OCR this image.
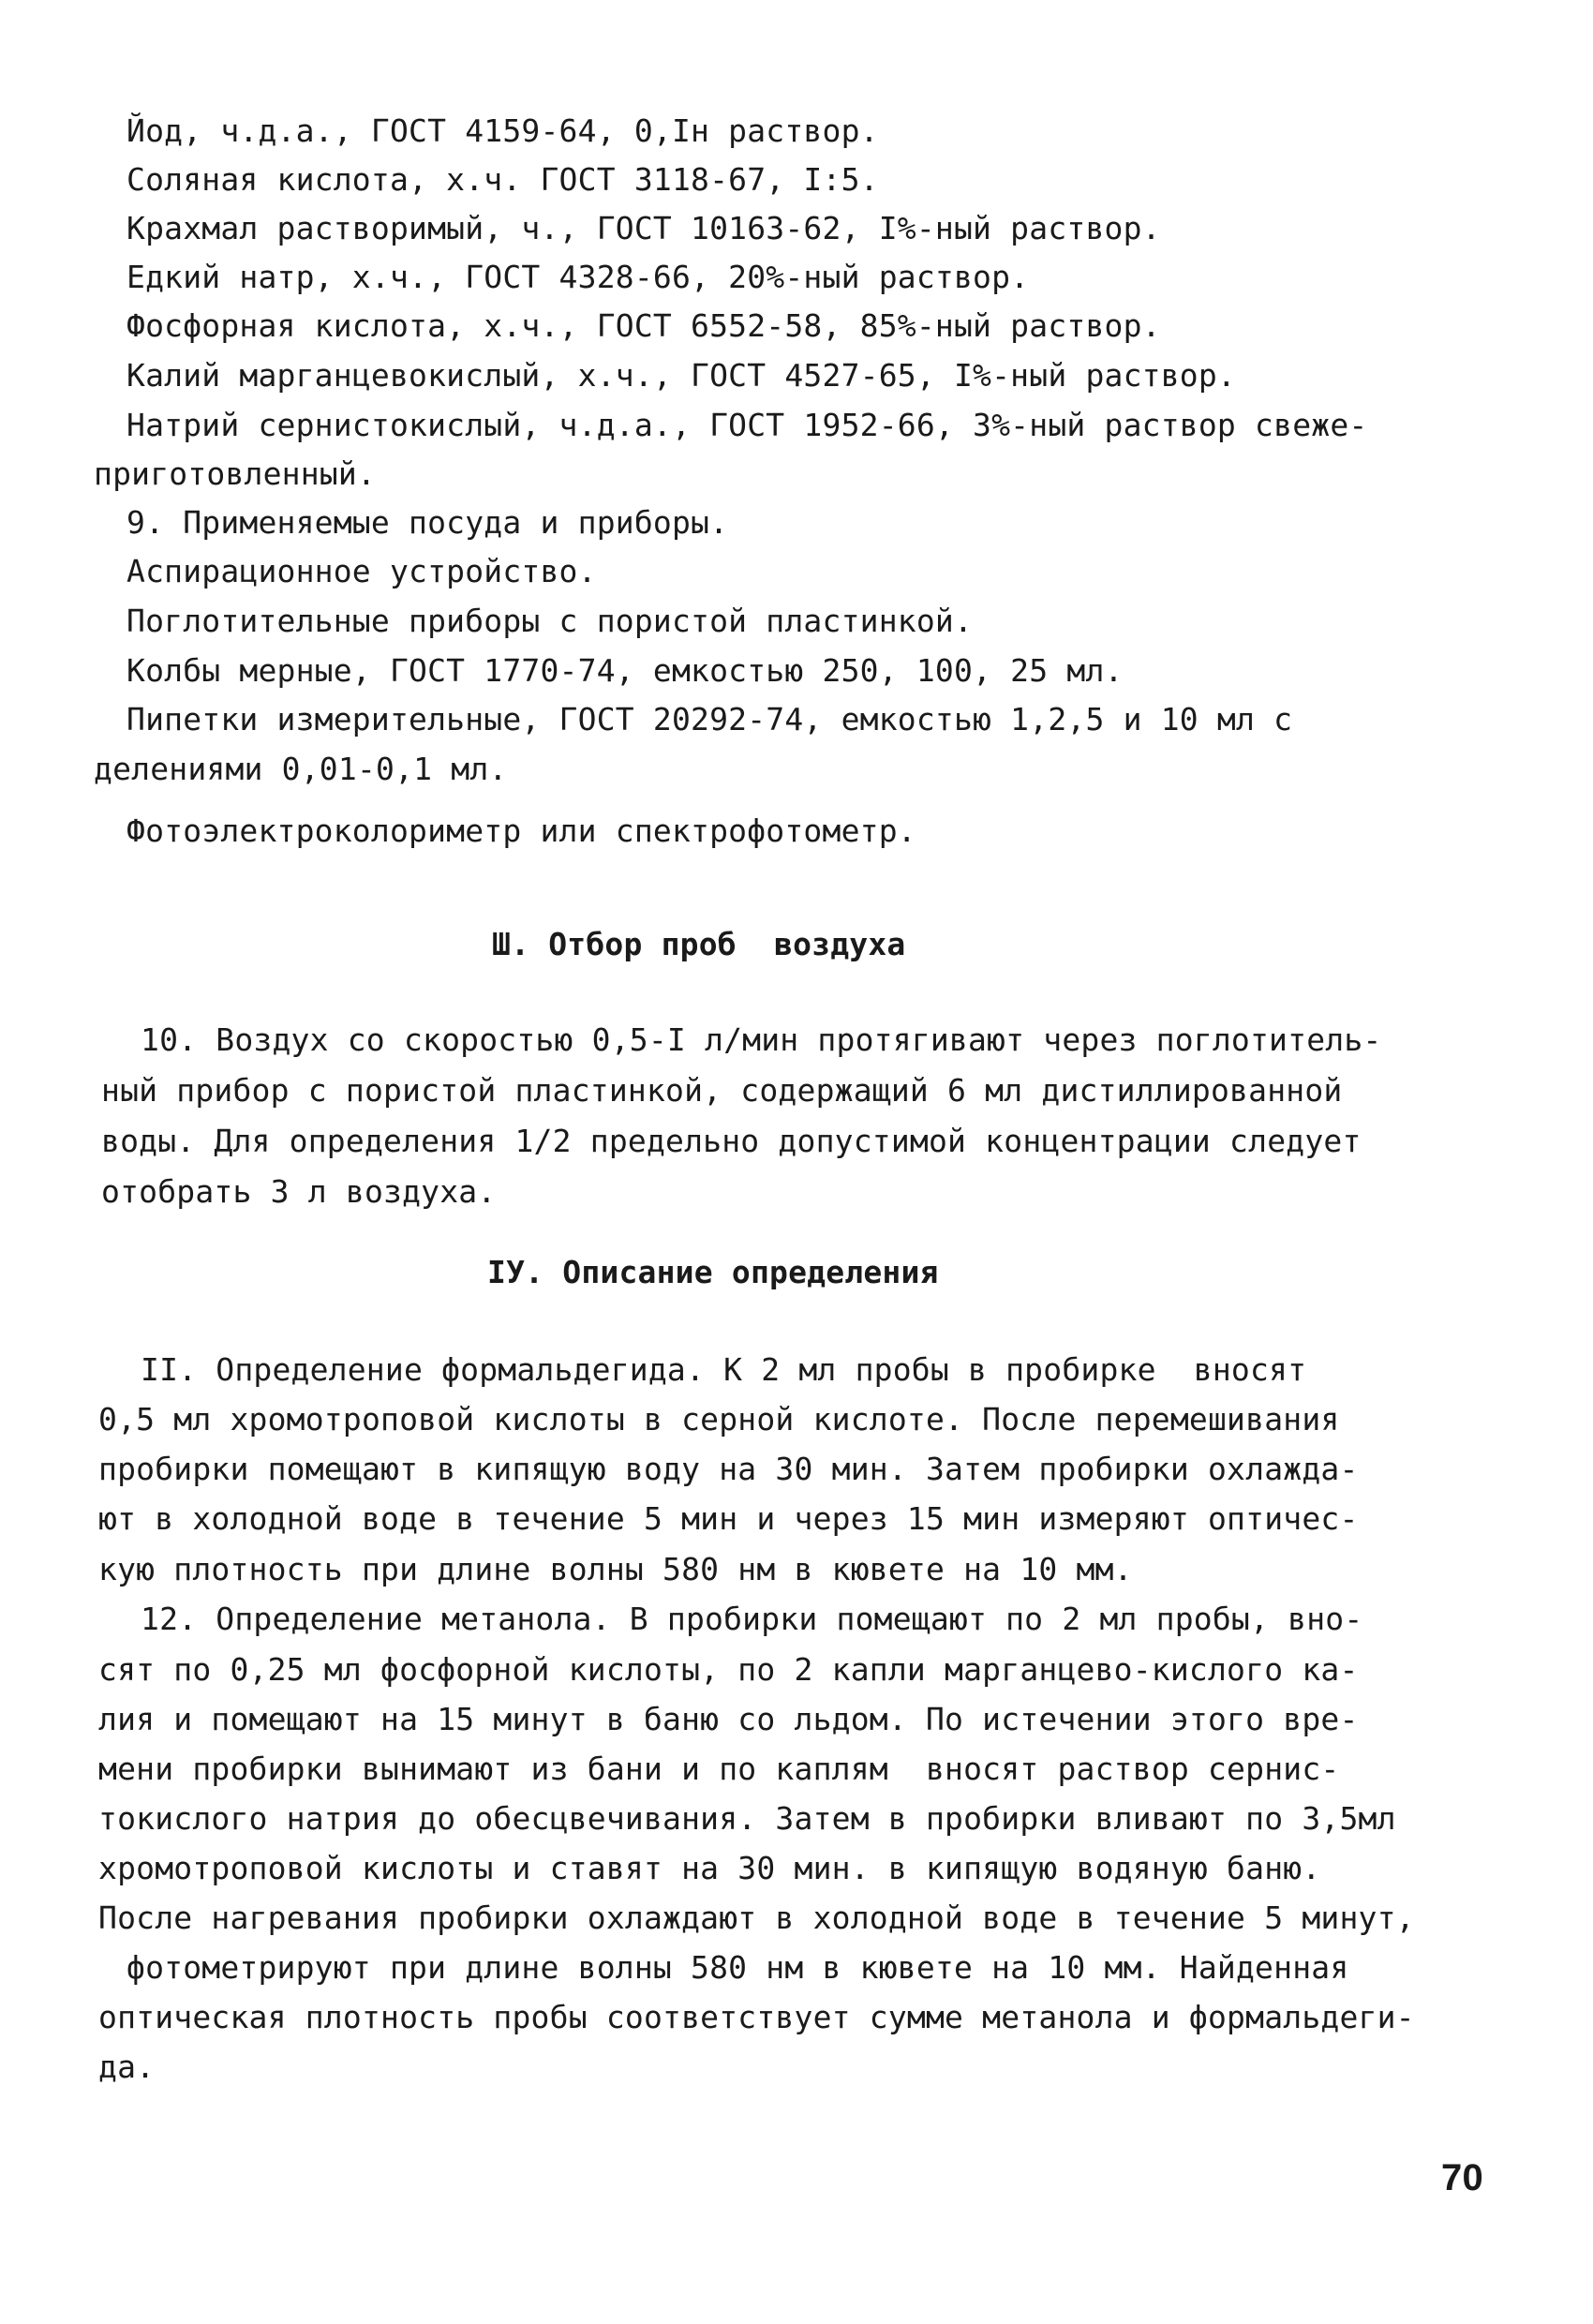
Йод, ч.д.а., ГОСТ 4159-64, 0,Iн раствор.
Соляная кислота, х.ч. ГОСТ 3118-67, I:5.
Крахмал растворимый, ч., ГОСТ 10163-62, I%-ный раствор.
Едкий натр, х.ч., ГОСТ 4328-66, 20%-ный раствор.
Фосфорная кислота, х.ч., ГОСТ 6552-58, 85%-ный раствор.
Калий марганцевокислый, х.ч., ГОСТ 4527-65, I%-ный раствор.
Натрий сернистокислый, ч.д.а., ГОСТ 1952-66, 3%-ный раствор свеже-
приготовленный.
9. Применяемые посуда и приборы.
Аспирационное устройство.
Поглотительные приборы с пористой пластинкой.
Колбы мерные, ГОСТ 1770-74, емкостью 250, 100, 25 мл.
Пипетки измерительные, ГОСТ 20292-74, емкостью 1,2,5 и 10 мл с
делениями 0,01-0,1 мл.
Фотоэлектроколориметр или спектрофотометр.
Ш. Отбор проб  воздуха
10. Воздух со скоростью 0,5-I л/мин протягивают через поглотитель-
ный прибор с пористой пластинкой, содержащий 6 мл дистиллированной
воды. Для определения 1/2 предельно допустимой концентрации следует
отобрать 3 л воздуха.
IУ. Описание определения
II. Определение формальдегида. К 2 мл пробы в пробирке  вносят
0,5 мл хромотроповой кислоты в серной кислоте. После перемешивания
пробирки помещают в кипящую воду на 30 мин. Затем пробирки охлажда-
ют в холодной воде в течение 5 мин и через 15 мин измеряют оптичес-
кую плотность при длине волны 580 нм в кювете на 10 мм.
12. Определение метанола. В пробирки помещают по 2 мл пробы, вно-
сят по 0,25 мл фосфорной кислоты, по 2 капли марганцево-кислого ка-
лия и помещают на 15 минут в баню со льдом. По истечении этого вре-
мени пробирки вынимают из бани и по каплям  вносят раствор сернис-
токислого натрия до обесцвечивания. Затем в пробирки вливают по 3,5мл
хромотроповой кислоты и ставят на 30 мин. в кипящую водяную баню.
После нагревания пробирки охлаждают в холодной воде в течение 5 минут,
фотометрируют при длине волны 580 нм в кювете на 10 мм. Найденная
оптическая плотность пробы соответствует сумме метанола и формальдеги-
да.
70
